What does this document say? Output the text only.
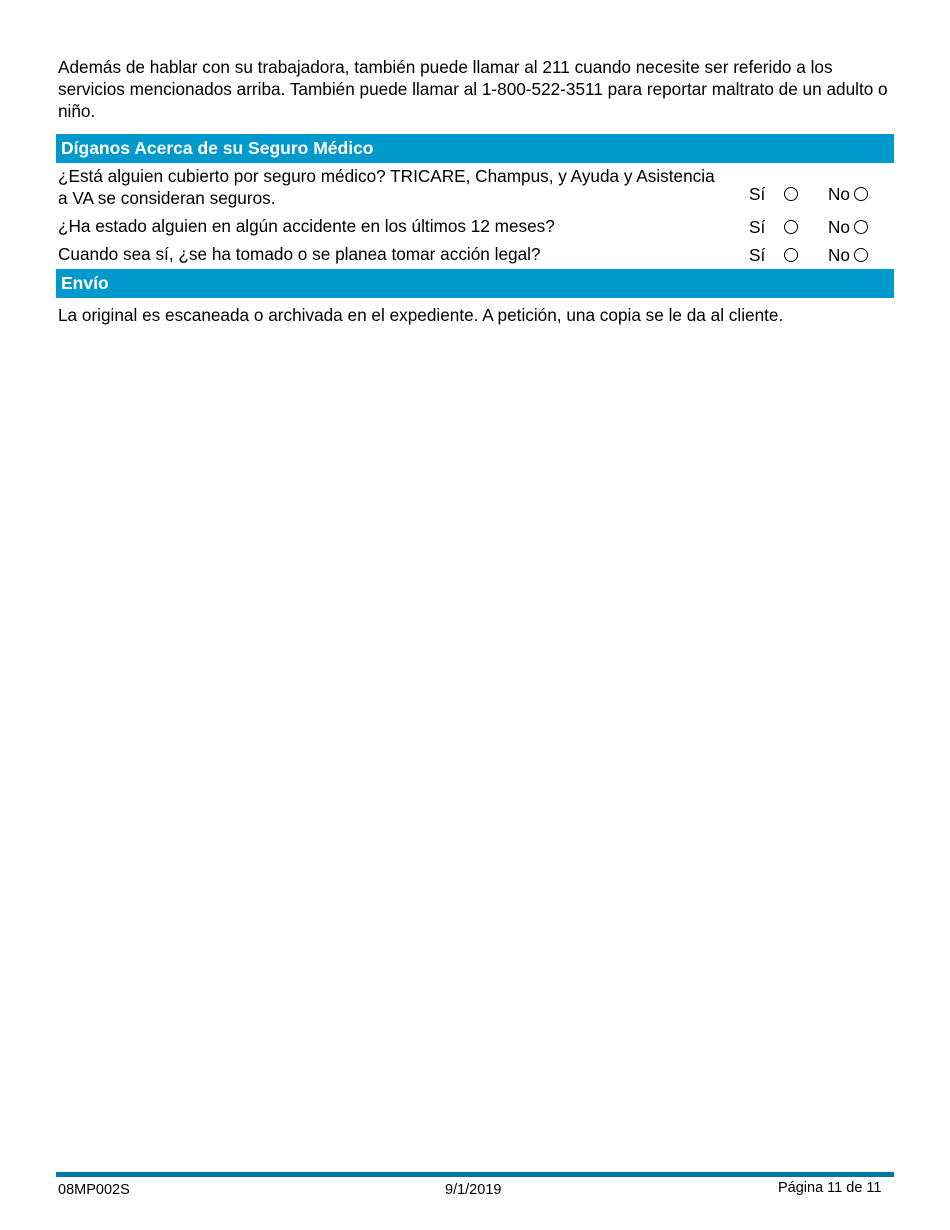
Además de hablar con su trabajadora, también puede llamar al 211 cuando necesite ser referido a los servicios mencionados arriba. También puede llamar al 1-800-522-3511 para reportar maltrato de un adulto o niño.

Díganos Acerca de su Seguro Médico
¿Está alguien cubierto por seguro médico? TRICARE, Champus, y Ayuda y Asistencia a VA se consideran seguros.	Sí	No
¿Ha estado alguien en algún accidente en los últimos 12 meses?	Sí	No
Cuando sea sí, ¿se ha tomado o se planea tomar acción legal?	Sí	No
Envío

La original es escaneada o archivada en el expediente. A petición, una copia se le da al cliente.

08MP002S	9/1/2019	Página 11 de 11
